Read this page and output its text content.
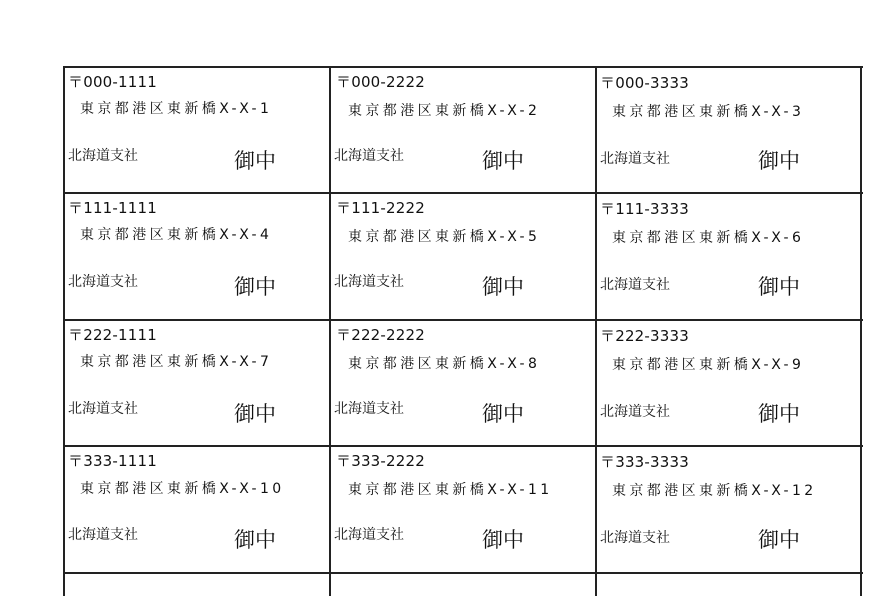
〒000-1111
東京都港区東新橋X-X-1
北海道支社	御中
〒000-2222
東京都港区東新橋X-X-2
北海道支社	御中
〒000-3333
東京都港区東新橋X-X-3
北海道支社	御中
〒111-1111
東京都港区東新橋X-X-4
北海道支社	御中
〒111-2222
東京都港区東新橋X-X-5
北海道支社	御中
〒111-3333
東京都港区東新橋X-X-6
北海道支社	御中
〒222-1111
東京都港区東新橋X-X-7
北海道支社	御中
〒222-2222
東京都港区東新橋X-X-8
北海道支社	御中
〒222-3333
東京都港区東新橋X-X-9
北海道支社	御中
〒333-1111
東京都港区東新橋X-X-10
北海道支社	御中
〒333-2222
東京都港区東新橋X-X-11
北海道支社	御中
〒333-3333
東京都港区東新橋X-X-12
北海道支社	御中
